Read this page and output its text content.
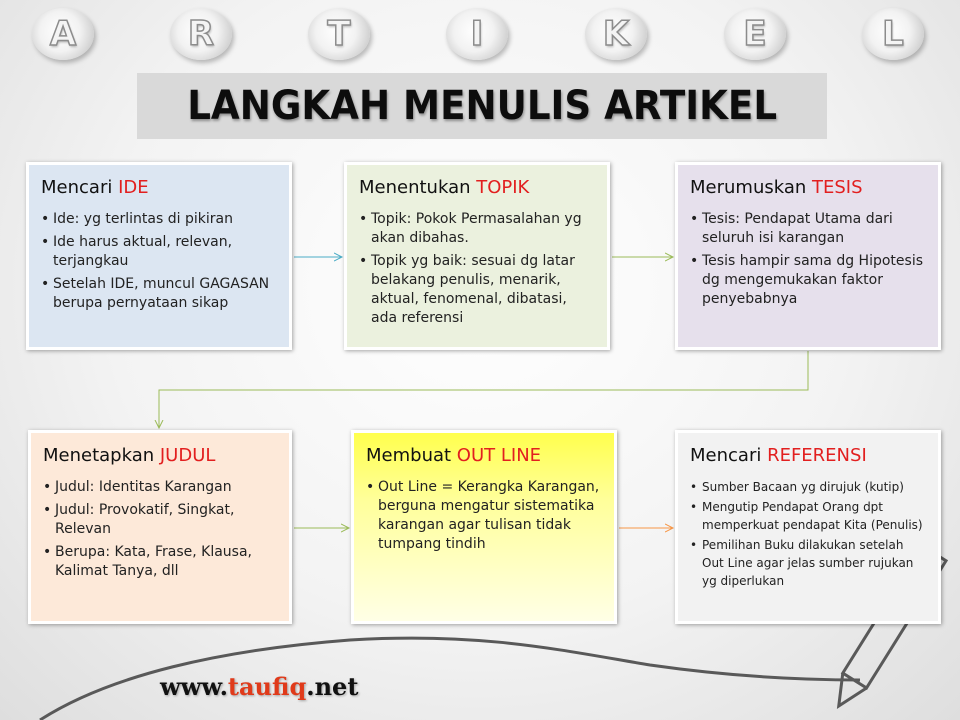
A	R	T	I	K	E	L
LANGKAH MENULIS ARTIKEL
Mencari IDE
• Ide: yg terlintas di pikiran
• Ide harus aktual, relevan, terjangkau
• Setelah IDE, muncul GAGASAN berupa pernyataan sikap
Menentukan TOPIK
• Topik: Pokok Permasalahan yg akan dibahas.
• Topik yg baik: sesuai dg latar belakang penulis, menarik, aktual, fenomenal, dibatasi, ada referensi
Merumuskan TESIS
• Tesis: Pendapat Utama dari seluruh isi karangan
• Tesis hampir sama dg Hipotesis dg mengemukakan faktor penyebabnya
Menetapkan JUDUL
• Judul: Identitas Karangan
• Judul: Provokatif, Singkat, Relevan
• Berupa: Kata, Frase, Klausa, Kalimat Tanya, dll
Membuat OUT LINE
• Out Line = Kerangka Karangan, berguna mengatur sistematika karangan agar tulisan tidak tumpang tindih
Mencari REFERENSI
• Sumber Bacaan yg dirujuk (kutip)
• Mengutip Pendapat Orang dpt memperkuat pendapat Kita (Penulis)
• Pemilihan Buku dilakukan setelah Out Line agar jelas sumber rujukan yg diperlukan
www.taufiq.net
